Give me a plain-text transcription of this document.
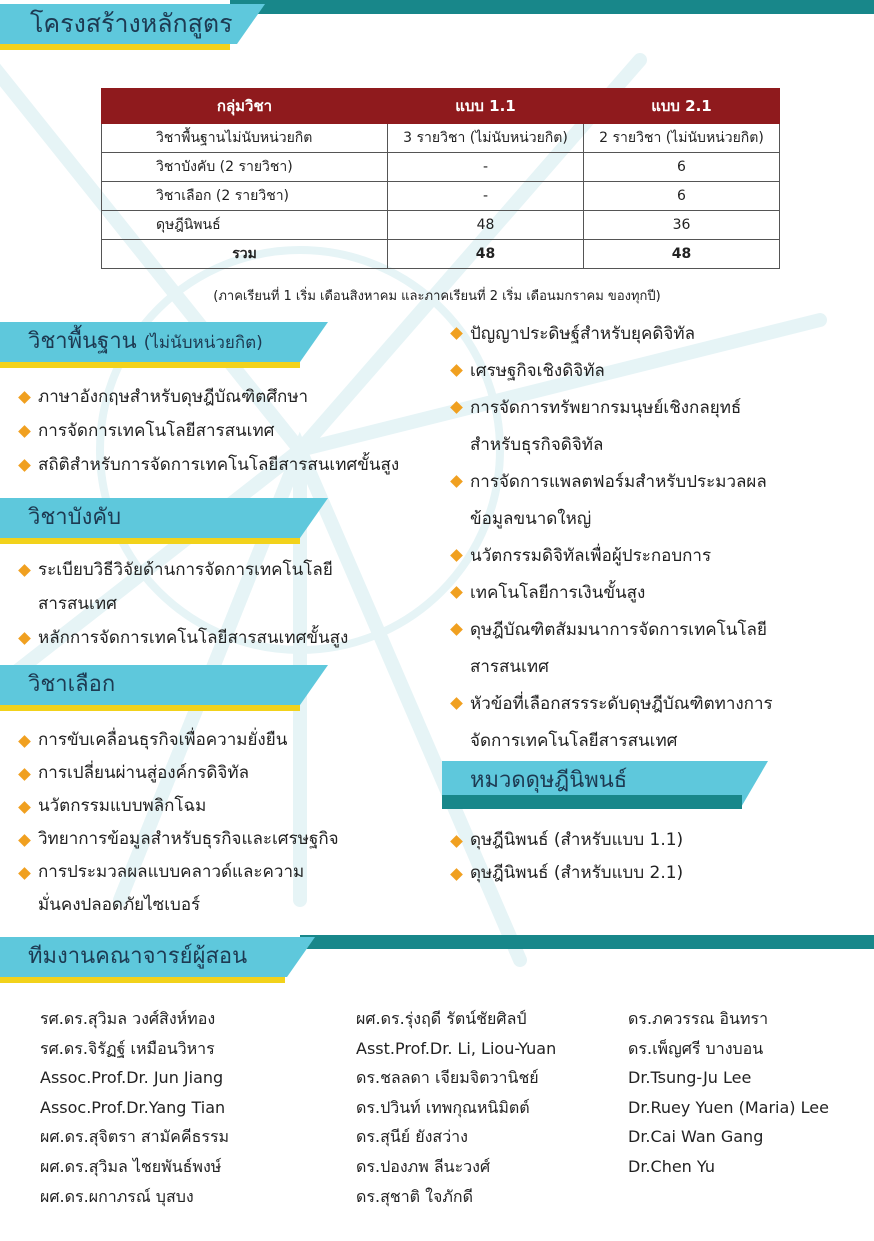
โครงสร้างหลักสูตร
กลุ่มวิชา	แบบ 1.1	แบบ 2.1
วิชาพื้นฐานไม่นับหน่วยกิต	3 รายวิชา (ไม่นับหน่วยกิต)	2 รายวิชา (ไม่นับหน่วยกิต)
วิชาบังคับ (2 รายวิชา)	-	6
วิชาเลือก (2 รายวิชา)	-	6
ดุษฎีนิพนธ์	48	36
รวม	48	48
(ภาคเรียนที่ 1 เริ่ม เดือนสิงหาคม และภาคเรียนที่ 2 เริ่ม เดือนมกราคม ของทุกปี)
วิชาพื้นฐาน (ไม่นับหน่วยกิต)
ภาษาอังกฤษสำหรับดุษฎีบัณฑิตศึกษา
การจัดการเทคโนโลยีสารสนเทศ
สถิติสำหรับการจัดการเทคโนโลยีสารสนเทศขั้นสูง
วิชาบังคับ
ระเบียบวิธีวิจัยด้านการจัดการเทคโนโลยี
สารสนเทศ
หลักการจัดการเทคโนโลยีสารสนเทศขั้นสูง
วิชาเลือก
การขับเคลื่อนธุรกิจเพื่อความยั่งยืน
การเปลี่ยนผ่านสู่องค์กรดิจิทัล
นวัตกรรมแบบพลิกโฉม
วิทยาการข้อมูลสำหรับธุรกิจและเศรษฐกิจ
การประมวลผลแบบคลาวด์และความ
มั่นคงปลอดภัยไซเบอร์
ปัญญาประดิษฐ์สำหรับยุคดิจิทัล
เศรษฐกิจเชิงดิจิทัล
การจัดการทรัพยากรมนุษย์เชิงกลยุทธ์
สำหรับธุรกิจดิจิทัล
การจัดการแพลตฟอร์มสำหรับประมวลผล
ข้อมูลขนาดใหญ่
นวัตกรรมดิจิทัลเพื่อผู้ประกอบการ
เทคโนโลยีการเงินขั้นสูง
ดุษฎีบัณฑิตสัมมนาการจัดการเทคโนโลยี
สารสนเทศ
หัวข้อที่เลือกสรรระดับดุษฎีบัณฑิตทางการ
จัดการเทคโนโลยีสารสนเทศ
หมวดดุษฎีนิพนธ์
ดุษฎีนิพนธ์ (สำหรับแบบ 1.1)
ดุษฎีนิพนธ์ (สำหรับแบบ 2.1)
ทีมงานคณาจารย์ผู้สอน
รศ.ดร.สุวิมล วงศ์สิงห์ทอง
รศ.ดร.จิรัฏฐ์ เหมือนวิหาร
Assoc.Prof.Dr. Jun Jiang
Assoc.Prof.Dr.Yang Tian
ผศ.ดร.สุจิตรา สามัคคีธรรม
ผศ.ดร.สุวิมล ไชยพันธ์พงษ์
ผศ.ดร.ผกาภรณ์ บุสบง
ผศ.ดร.รุ่งฤดี รัตน์ชัยศิลป์
Asst.Prof.Dr. Li, Liou-Yuan
ดร.ชลลดา เจียมจิตวานิชย์
ดร.ปวินท์ เทพกุณหนิมิตต์
ดร.สุนีย์ ยังสว่าง
ดร.ปองภพ ลีนะวงศ์
ดร.สุชาติ ใจภักดี
ดร.ภควรรณ อินทรา
ดร.เพ็ญศรี บางบอน
Dr.Tsung-Ju Lee
Dr.Ruey Yuen (Maria) Lee
Dr.Cai Wan Gang
Dr.Chen Yu
